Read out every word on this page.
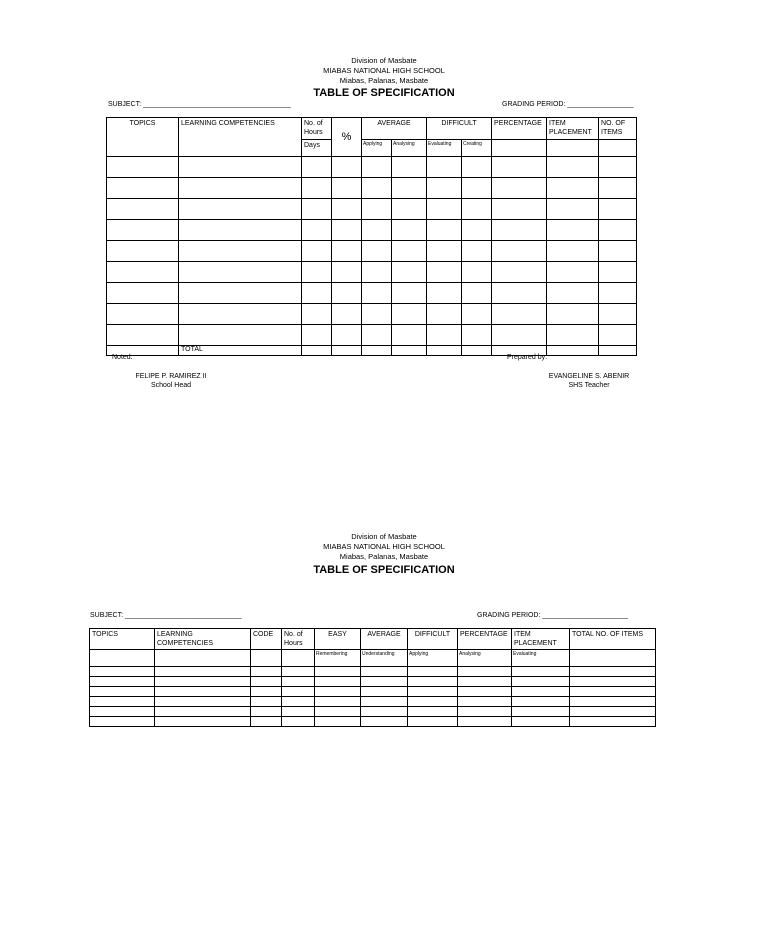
Division of Masbate
MIABAS NATIONAL HIGH SCHOOL
Miabas, Palanas, Masbate
TABLE OF SPECIFICATION
SUBJECT: ______________________________________	GRADING PERIOD: _________________
TOPICS	LEARNING COMPETENCIES	No. of Hours	%	AVERAGE		DIFFICULT		PERCENTAGE	ITEM PLACEMENT	NO. OF ITEMS
		Days		Applying	Analysing	Evaluating	Creating			

	TOTAL									
Noted:	Prepared by:
FELIPE P. RAMIREZ II
School Head
EVANGELINE S. ABENIR
SHS Teacher
Division of Masbate
MIABAS NATIONAL HIGH SCHOOL
Miabas, Palanas, Masbate
TABLE OF SPECIFICATION
SUBJECT: ______________________________	GRADING PERIOD: ______________________
TOPICS	LEARNING COMPETENCIES	CODE	No. of Hours	EASY	AVERAGE	DIFFICULT	PERCENTAGE	ITEM PLACEMENT	TOTAL NO. OF ITEMS
				Remembering	Understanding	Applying	Analysing	Evaluating	
